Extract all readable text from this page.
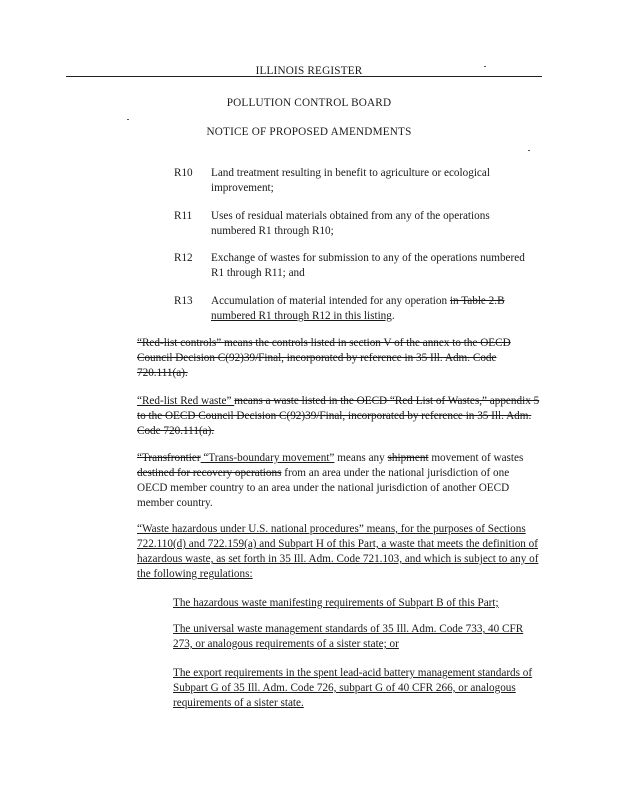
ILLINOIS REGISTER
POLLUTION CONTROL BOARD
NOTICE OF PROPOSED AMENDMENTS
R10 Land treatment resulting in benefit to agriculture or ecological improvement;
R11 Uses of residual materials obtained from any of the operations numbered R1 through R10;
R12 Exchange of wastes for submission to any of the operations numbered R1 through R11; and
R13 Accumulation of material intended for any operation in Table 2.B numbered R1 through R12 in this listing.
“Red-list controls” means the controls listed in section V of the annex to the OECD Council Decision C(92)39/Final, incorporated by reference in 35 Ill. Adm. Code 720.111(a).
“Red-list Red waste” means a waste listed in the OECD “Red List of Wastes,” appendix 5 to the OECD Council Decision C(92)39/Final, incorporated by reference in 35 Ill. Adm. Code 720.111(a).
“Transfrontier “Trans-boundary movement” means any shipment movement of wastes destined for recovery operations from an area under the national jurisdiction of one OECD member country to an area under the national jurisdiction of another OECD member country.
“Waste hazardous under U.S. national procedures” means, for the purposes of Sections 722.110(d) and 722.159(a) and Subpart H of this Part, a waste that meets the definition of hazardous waste, as set forth in 35 Ill. Adm. Code 721.103, and which is subject to any of the following regulations:
The hazardous waste manifesting requirements of Subpart B of this Part;
The universal waste management standards of 35 Ill. Adm. Code 733, 40 CFR 273, or analogous requirements of a sister state; or
The export requirements in the spent lead-acid battery management standards of Subpart G of 35 Ill. Adm. Code 726, subpart G of 40 CFR 266, or analogous requirements of a sister state.
